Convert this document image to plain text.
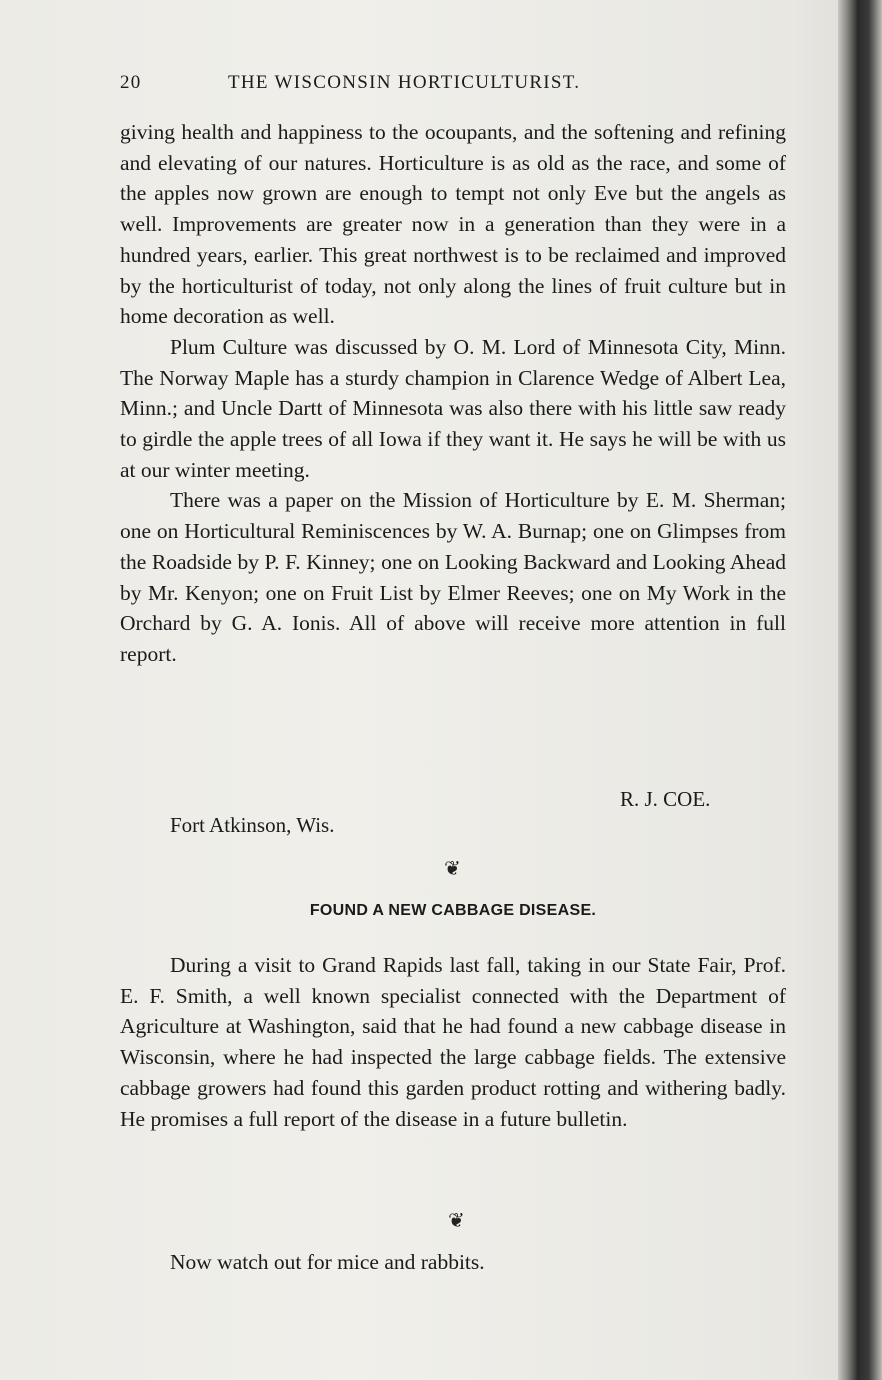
20	THE WISCONSIN HORTICULTURIST.

giving health and happiness to the ocoupants, and the softening and refining and elevating of our natures. Horticulture is as old as the race, and some of the apples now grown are enough to tempt not only Eve but the angels as well. Improvements are greater now in a generation than they were in a hundred years, earlier. This great northwest is to be reclaimed and improved by the horticulturist of today, not only along the lines of fruit culture but in home decoration as well.

Plum Culture was discussed by O. M. Lord of Minnesota City, Minn. The Norway Maple has a sturdy champion in Clarence Wedge of Albert Lea, Minn.; and Uncle Dartt of Minnesota was also there with his little saw ready to girdle the apple trees of all Iowa if they want it. He says he will be with us at our winter meeting.

There was a paper on the Mission of Horticulture by E. M. Sherman; one on Horticultural Reminiscences by W. A. Burnap; one on Glimpses from the Roadside by P. F. Kinney; one on Looking Backward and Looking Ahead by Mr. Kenyon; one on Fruit List by Elmer Reeves; one on My Work in the Orchard by G. A. Ionis. All of above will receive more attention in full report.

R. J. COE.
Fort Atkinson, Wis.
❦
FOUND A NEW CABBAGE DISEASE.

During a visit to Grand Rapids last fall, taking in our State Fair, Prof. E. F. Smith, a well known specialist connected with the Department of Agriculture at Washington, said that he had found a new cabbage disease in Wisconsin, where he had inspected the large cabbage fields. The extensive cabbage growers had found this garden product rotting and withering badly. He promises a full report of the disease in a future bulletin.

❦
Now watch out for mice and rabbits.
